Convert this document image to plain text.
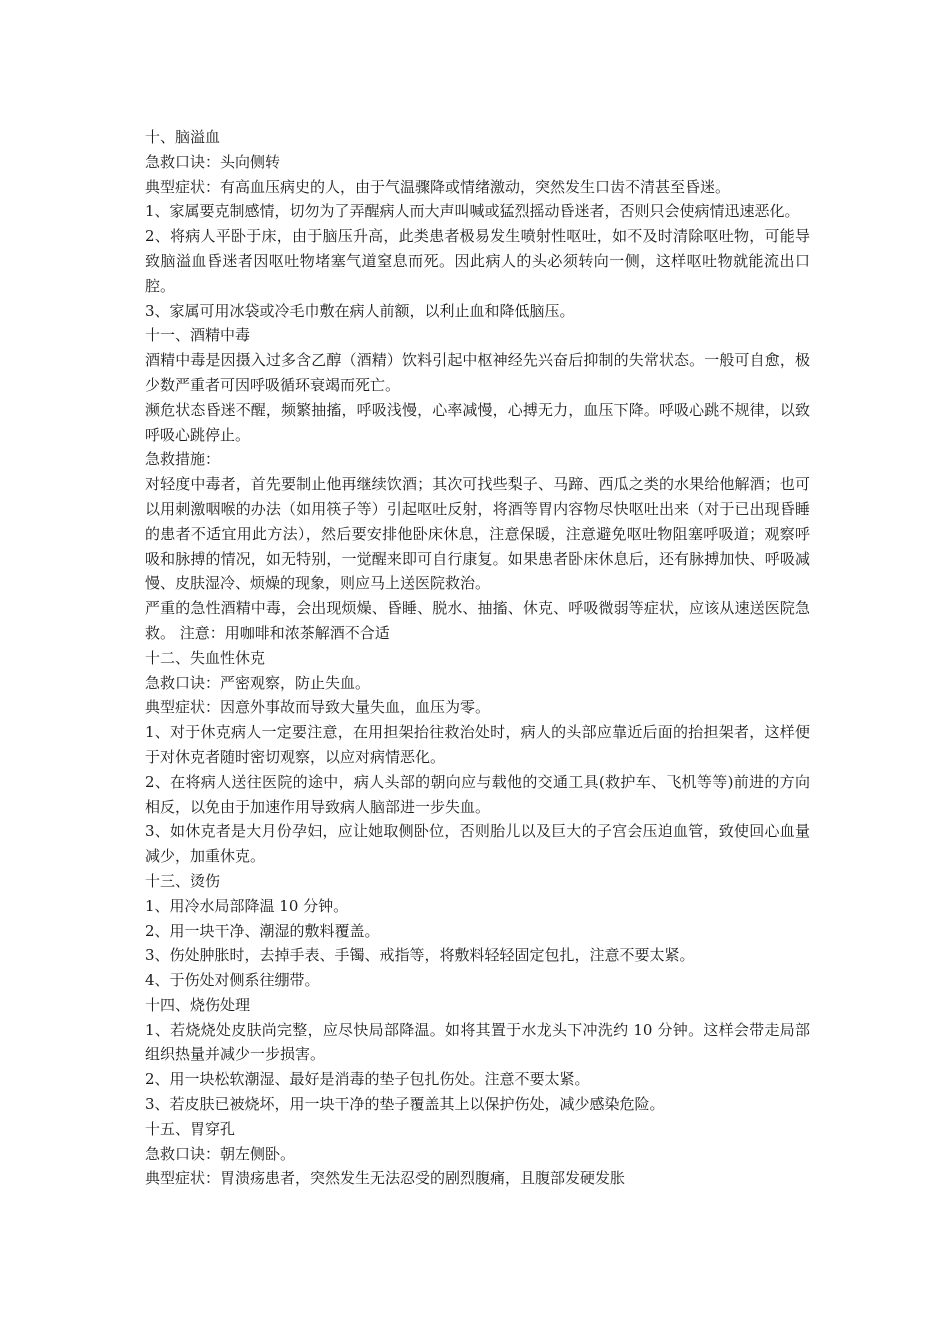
十、脑溢血

急救口诀：头向侧转

典型症状：有高血压病史的人，由于气温骤降或情绪激动，突然发生口齿不清甚至昏迷。

1、家属要克制感情，切勿为了弄醒病人而大声叫喊或猛烈摇动昏迷者，否则只会使病情迅速恶化。

2、将病人平卧于床，由于脑压升高，此类患者极易发生喷射性呕吐，如不及时清除呕吐物，可能导致脑溢血昏迷者因呕吐物堵塞气道窒息而死。因此病人的头必须转向一侧，这样呕吐物就能流出口腔。

3、家属可用冰袋或冷毛巾敷在病人前额，以利止血和降低脑压。

十一、酒精中毒

酒精中毒是因摄入过多含乙醇（酒精）饮料引起中枢神经先兴奋后抑制的失常状态。一般可自愈，极少数严重者可因呼吸循环衰竭而死亡。

濒危状态昏迷不醒，频繁抽搐，呼吸浅慢，心率减慢，心搏无力，血压下降。呼吸心跳不规律，以致呼吸心跳停止。

急救措施：

对轻度中毒者，首先要制止他再继续饮酒；其次可找些梨子、马蹄、西瓜之类的水果给他解酒；也可以用刺激咽喉的办法（如用筷子等）引起呕吐反射，将酒等胃内容物尽快呕吐出来（对于已出现昏睡的患者不适宜用此方法），然后要安排他卧床休息，注意保暖，注意避免呕吐物阻塞呼吸道；观察呼吸和脉搏的情况，如无特别，一觉醒来即可自行康复。如果患者卧床休息后，还有脉搏加快、呼吸减慢、皮肤湿冷、烦燥的现象，则应马上送医院救治。

严重的急性酒精中毒，会出现烦燥、昏睡、脱水、抽搐、休克、呼吸微弱等症状，应该从速送医院急救。 注意：用咖啡和浓茶解酒不合适

十二、失血性休克

急救口诀：严密观察，防止失血。

典型症状：因意外事故而导致大量失血，血压为零。

1、对于休克病人一定要注意，在用担架抬往救治处时，病人的头部应靠近后面的抬担架者，这样便于对休克者随时密切观察，以应对病情恶化。

2、在将病人送往医院的途中，病人头部的朝向应与载他的交通工具(救护车、飞机等等)前进的方向相反，以免由于加速作用导致病人脑部进一步失血。

3、如休克者是大月份孕妇，应让她取侧卧位，否则胎儿以及巨大的子宫会压迫血管，致使回心血量减少，加重休克。

十三、烫伤

1、用冷水局部降温 10 分钟。

2、用一块干净、潮湿的敷料覆盖。

3、伤处肿胀时，去掉手表、手镯、戒指等，将敷料轻轻固定包扎，注意不要太紧。

4、于伤处对侧系往绷带。

十四、烧伤处理

1、若烧烧处皮肤尚完整，应尽快局部降温。如将其置于水龙头下冲洗约 10 分钟。这样会带走局部组织热量并减少一步损害。

2、用一块松软潮湿、最好是消毒的垫子包扎伤处。注意不要太紧。

3、若皮肤已被烧坏，用一块干净的垫子覆盖其上以保护伤处，减少感染危险。

十五、胃穿孔

急救口诀：朝左侧卧。

典型症状：胃溃疡患者，突然发生无法忍受的剧烈腹痛，且腹部发硬发胀
